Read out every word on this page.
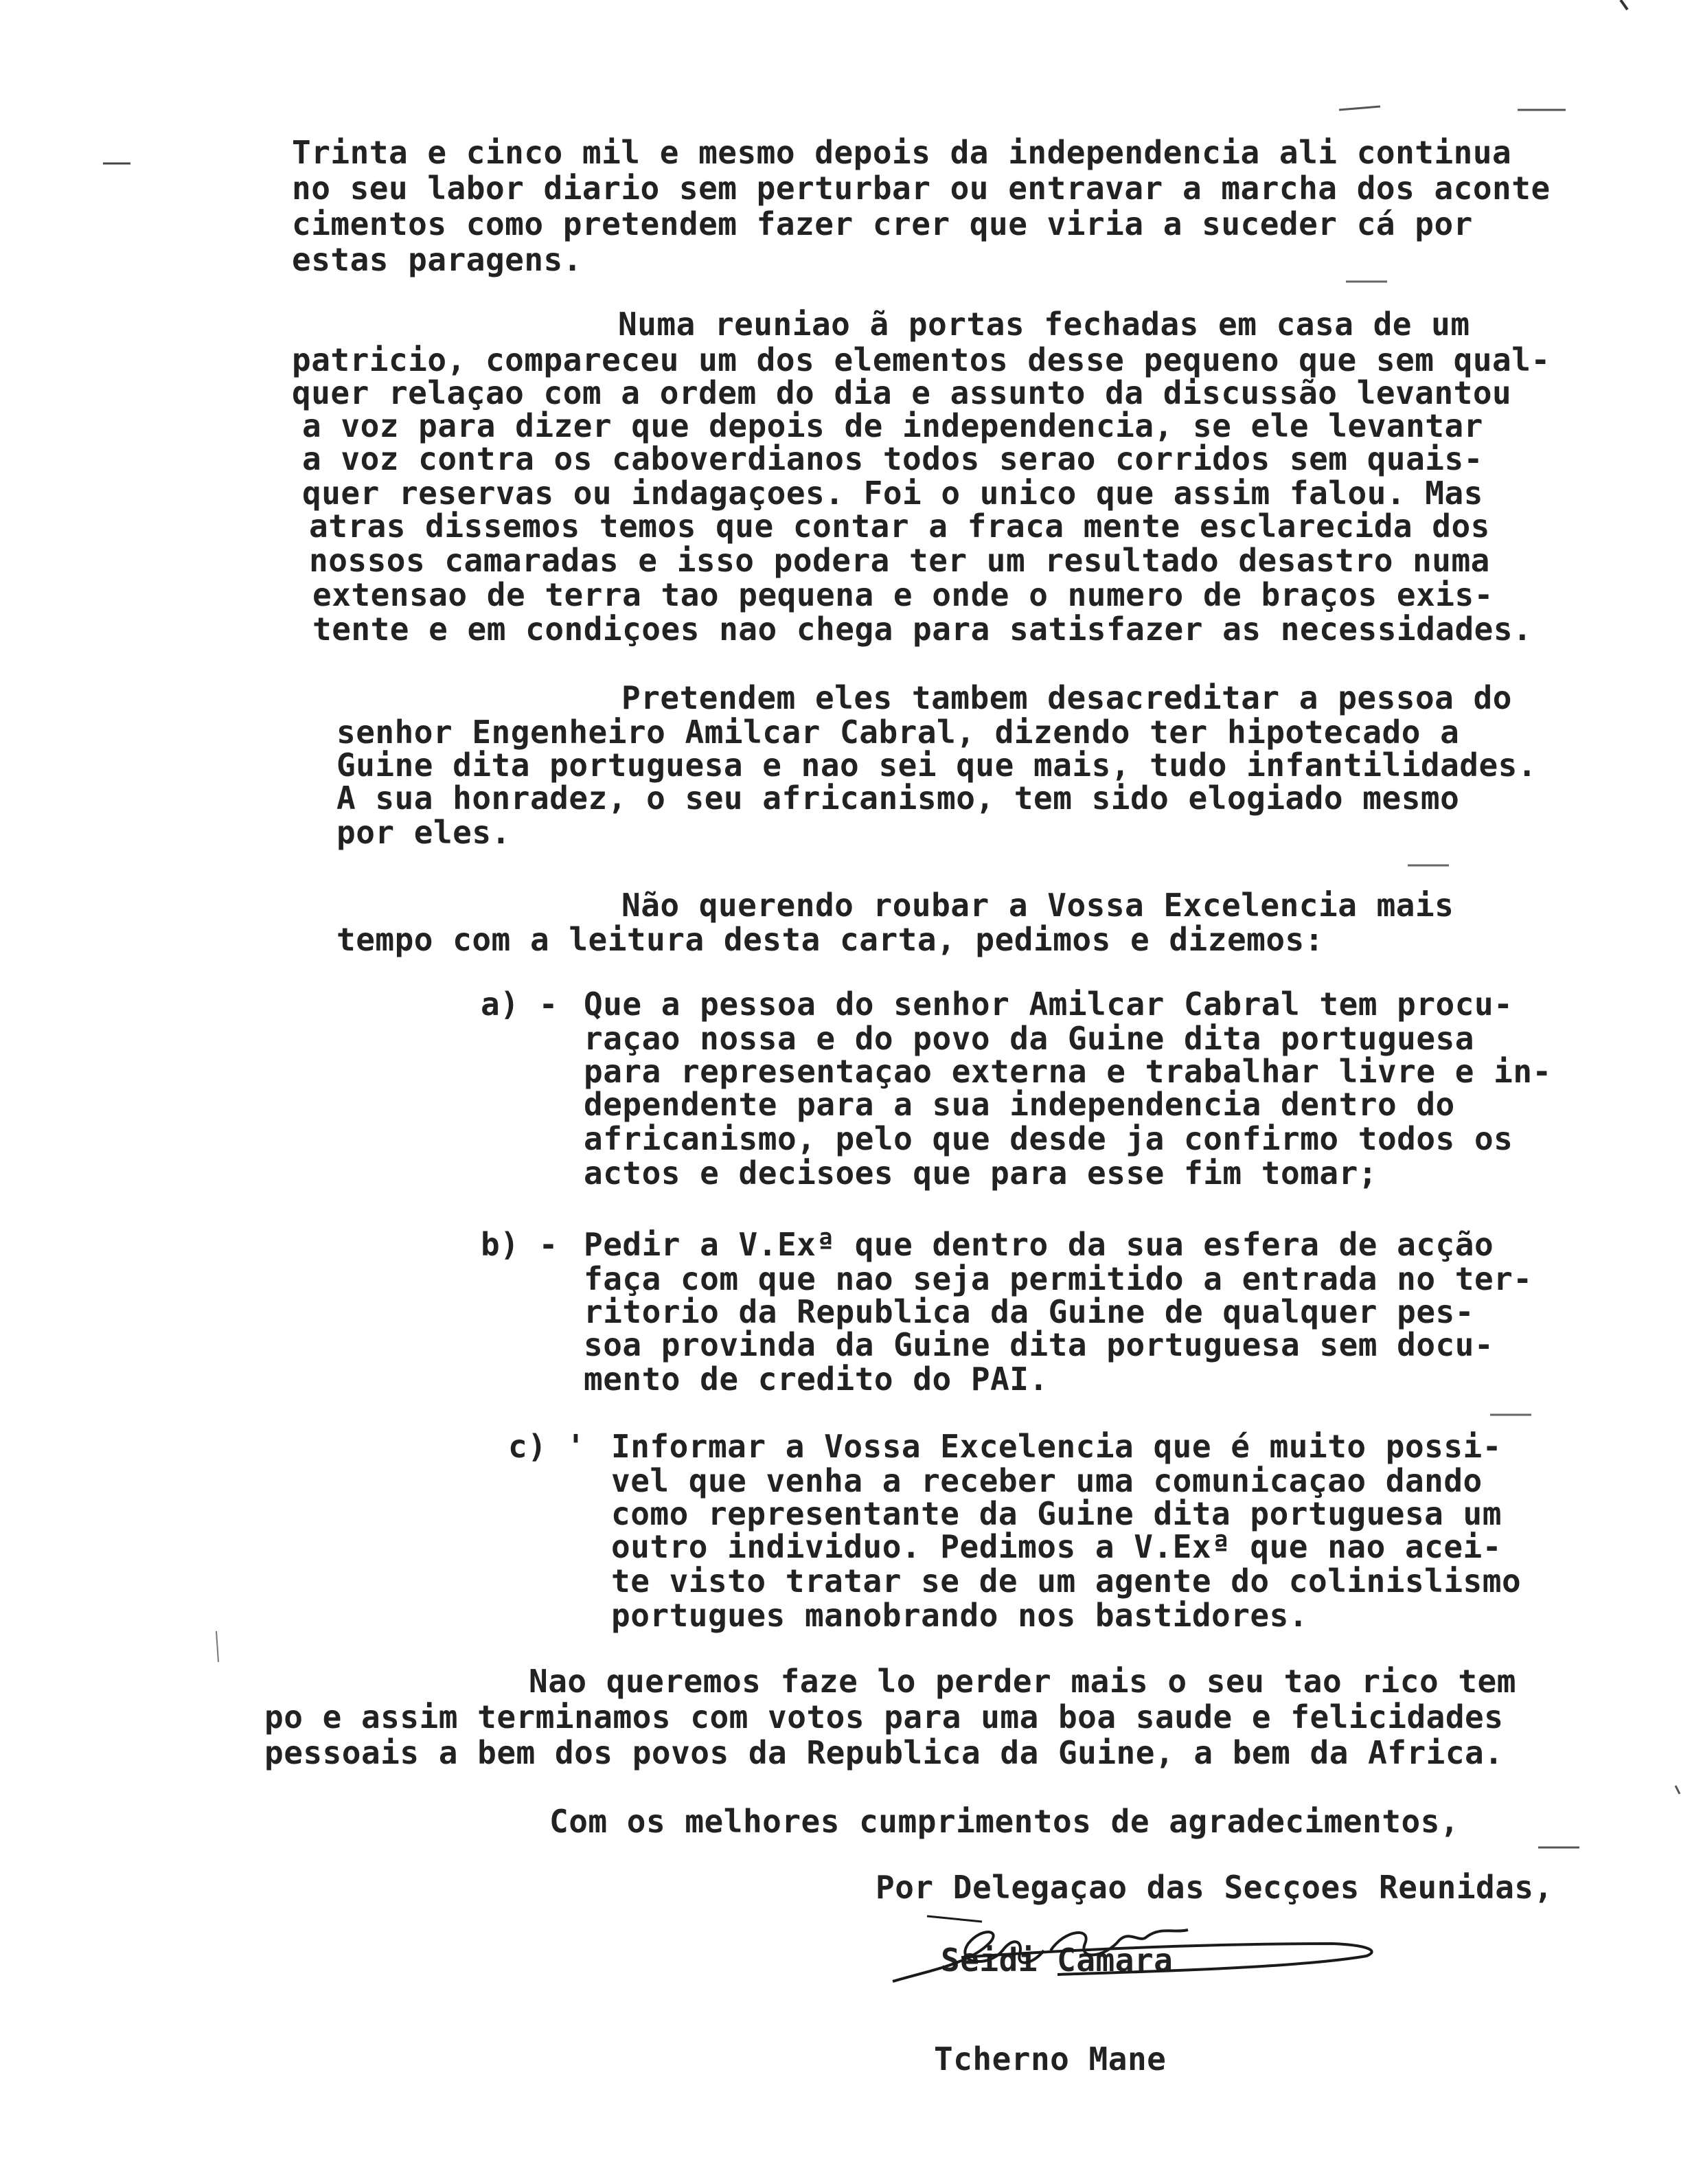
Trinta e cinco mil e mesmo depois da independencia ali continua
no seu labor diario sem perturbar ou entravar a marcha dos aconte
cimentos como pretendem fazer crer que viria a suceder cá por
estas paragens.
Numa reuniao ã portas fechadas em casa de um
patricio, compareceu um dos elementos desse pequeno que sem qual-
quer relaçao com a ordem do dia e assunto da discussão levantou
a voz para dizer que depois de independencia, se ele levantar
a voz contra os caboverdianos todos serao corridos sem quais-
quer reservas ou indagaçoes. Foi o unico que assim falou. Mas
atras dissemos temos que contar a fraca mente esclarecida dos
nossos camaradas e isso podera ter um resultado desastro numa
extensao de terra tao pequena e onde o numero de braços exis-
tente e em condiçoes nao chega para satisfazer as necessidades.
Pretendem eles tambem desacreditar a pessoa do
senhor Engenheiro Amilcar Cabral, dizendo ter hipotecado a
Guine dita portuguesa e nao sei que mais, tudo infantilidades.
A sua honradez, o seu africanismo, tem sido elogiado mesmo
por eles.
Não querendo roubar a Vossa Excelencia mais
tempo com a leitura desta carta, pedimos e dizemos:
a) - Que a pessoa do senhor Amilcar Cabral tem procu-
raçao nossa e do povo da Guine dita portuguesa
para representaçao externa e trabalhar livre e in-
dependente para a sua independencia dentro do
africanismo, pelo que desde ja confirmo todos os
actos e decisoes que para esse fim tomar;
b) - Pedir a V.Exª que dentro da sua esfera de acção
faça com que nao seja permitido a entrada no ter-
ritorio da Republica da Guine de qualquer pes-
soa provinda da Guine dita portuguesa sem docu-
mento de credito do PAI.
c) ' Informar a Vossa Excelencia que é muito possi-
vel que venha a receber uma comunicaçao dando
como representante da Guine dita portuguesa um
outro individuo. Pedimos a V.Exª que nao acei-
te visto tratar se de um agente do colinislismo
portugues manobrando nos bastidores.
Nao queremos faze lo perder mais o seu tao rico tem
po e assim terminamos com votos para uma boa saude e felicidades
pessoais a bem dos povos da Republica da Guine, a bem da Africa.
Com os melhores cumprimentos de agradecimentos,
Por Delegaçao das Secçoes Reunidas,
Seidi Camara
Tcherno Mane
